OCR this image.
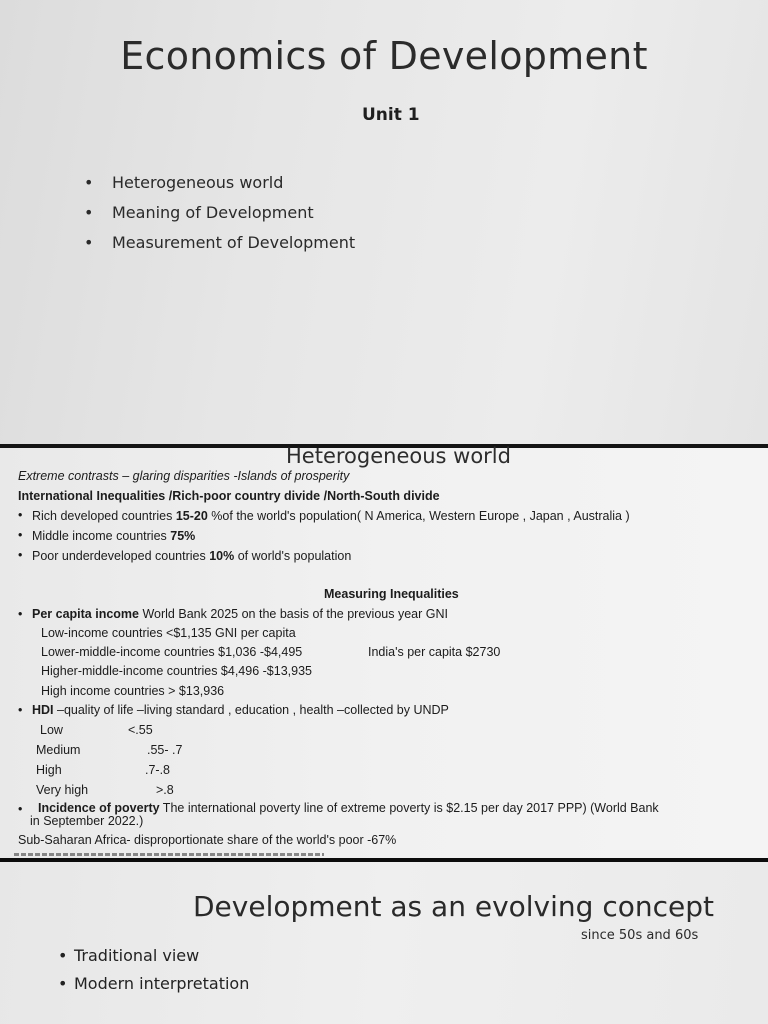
Economics of Development
Unit 1
•	Heterogeneous world
•	Meaning of Development
•	Measurement of Development
Heterogeneous world
Extreme contrasts – glaring disparities -Islands of prosperity
International Inequalities /Rich-poor country divide /North-South divide
• Rich developed countries 15-20 %of the world's population( N America, Western Europe , Japan , Australia )
• Middle income countries 75%
• Poor underdeveloped countries 10% of world's population
Measuring Inequalities
• Per capita income World Bank 2025 on the basis of the previous year GNI
Low-income countries <$1,135 GNI per capita
Lower-middle-income countries $1,036 -$4,495	India's per capita $2730
Higher-middle-income countries $4,496 -$13,935
High income countries > $13,936
• HDI –quality of life –living standard , education , health –collected by UNDP
Low	<.55
Medium	.55- .7
High	.7-.8
Very high	>.8
• Incidence of poverty The international poverty line of extreme poverty is $2.15 per day 2017 PPP) (World Bank
in September 2022.)
Sub-Saharan Africa- disproportionate share of the world's poor -67%
Development as an evolving concept
since 50s and 60s
• Traditional view
• Modern interpretation
